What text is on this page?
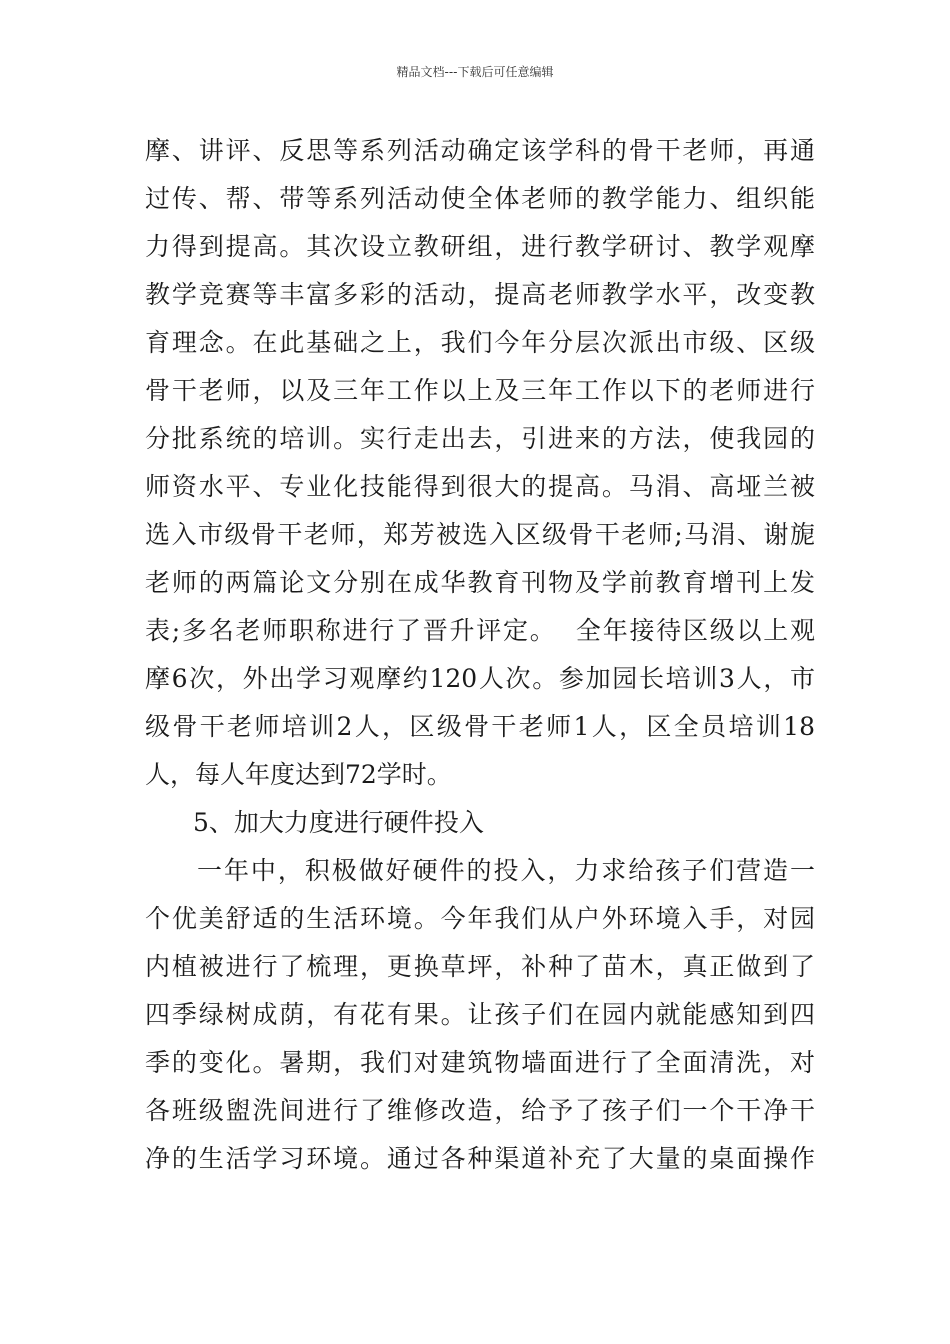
精品文档---下载后可任意编辑
摩、讲评、反思等系列活动确定该学科的骨干老师，再通
过传、帮、带等系列活动使全体老师的教学能力、组织能
力得到提高。其次设立教研组，进行教学研讨、教学观摩
教学竞赛等丰富多彩的活动，提高老师教学水平，改变教
育理念。在此基础之上，我们今年分层次派出市级、区级
骨干老师，以及三年工作以上及三年工作以下的老师进行
分批系统的培训。实行走出去，引进来的方法，使我园的
师资水平、专业化技能得到很大的提高。马涓、高垭兰被
选入市级骨干老师，郑芳被选入区级骨干老师;马涓、谢旎
老师的两篇论文分别在成华教育刊物及学前教育增刊上发
表;多名老师职称进行了晋升评定。  全年接待区级以上观
摩6次，外出学习观摩约120人次。参加园长培训3人，市
级骨干老师培训2人，区级骨干老师1人，区全员培训18
人，每人年度达到72学时。
5、加大力度进行硬件投入
一年中，积极做好硬件的投入，力求给孩子们营造一
个优美舒适的生活环境。今年我们从户外环境入手，对园
内植被进行了梳理，更换草坪，补种了苗木，真正做到了
四季绿树成荫，有花有果。让孩子们在园内就能感知到四
季的变化。暑期，我们对建筑物墙面进行了全面清洗，对
各班级盥洗间进行了维修改造，给予了孩子们一个干净干
净的生活学习环境。通过各种渠道补充了大量的桌面操作
